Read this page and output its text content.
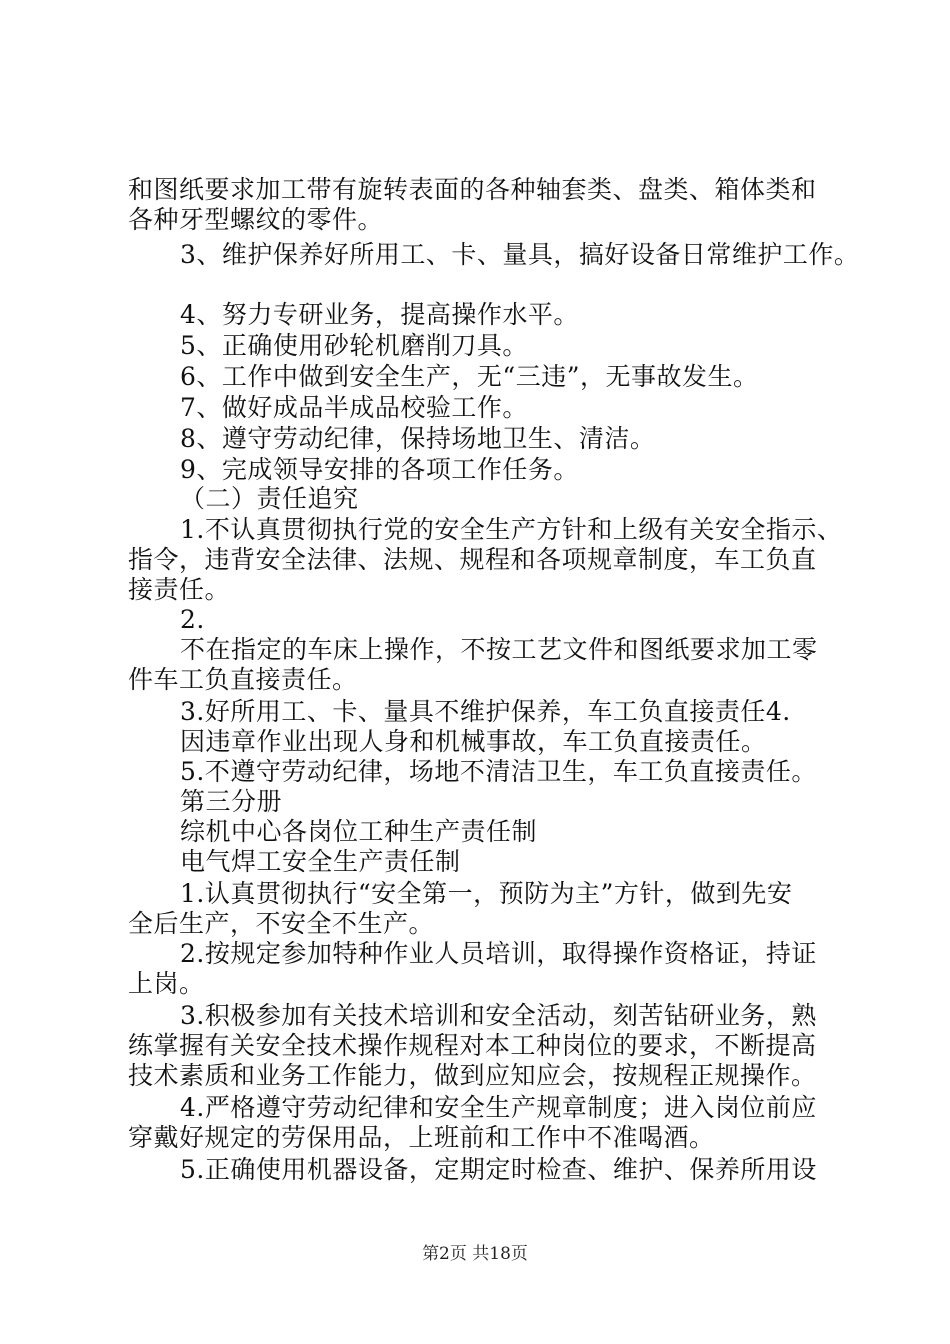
和图纸要求加工带有旋转表面的各种轴套类、盘类、箱体类和
各种牙型螺纹的零件。
3、维护保养好所用工、卡、量具，搞好设备日常维护工作。
4、努力专研业务，提高操作水平。
5、正确使用砂轮机磨削刀具。
6、工作中做到安全生产，无“三违”，无事故发生。
7、做好成品半成品校验工作。
8、遵守劳动纪律，保持场地卫生、清洁。
9、完成领导安排的各项工作任务。
（二）责任追究
1.不认真贯彻执行党的安全生产方针和上级有关安全指示、
指令，违背安全法律、法规、规程和各项规章制度，车工负直
接责任。
2.
不在指定的车床上操作，不按工艺文件和图纸要求加工零
件车工负直接责任。
3.好所用工、卡、量具不维护保养，车工负直接责任4.
因违章作业出现人身和机械事故，车工负直接责任。
5.不遵守劳动纪律，场地不清洁卫生，车工负直接责任。
第三分册
综机中心各岗位工种生产责任制
电气焊工安全生产责任制
1.认真贯彻执行“安全第一，预防为主”方针，做到先安
全后生产，不安全不生产。
2.按规定参加特种作业人员培训，取得操作资格证，持证
上岗。
3.积极参加有关技术培训和安全活动，刻苦钻研业务，熟
练掌握有关安全技术操作规程对本工种岗位的要求，不断提高
技术素质和业务工作能力，做到应知应会，按规程正规操作。
4.严格遵守劳动纪律和安全生产规章制度；进入岗位前应
穿戴好规定的劳保用品，上班前和工作中不准喝酒。
5.正确使用机器设备，定期定时检查、维护、保养所用设
第2页 共18页
